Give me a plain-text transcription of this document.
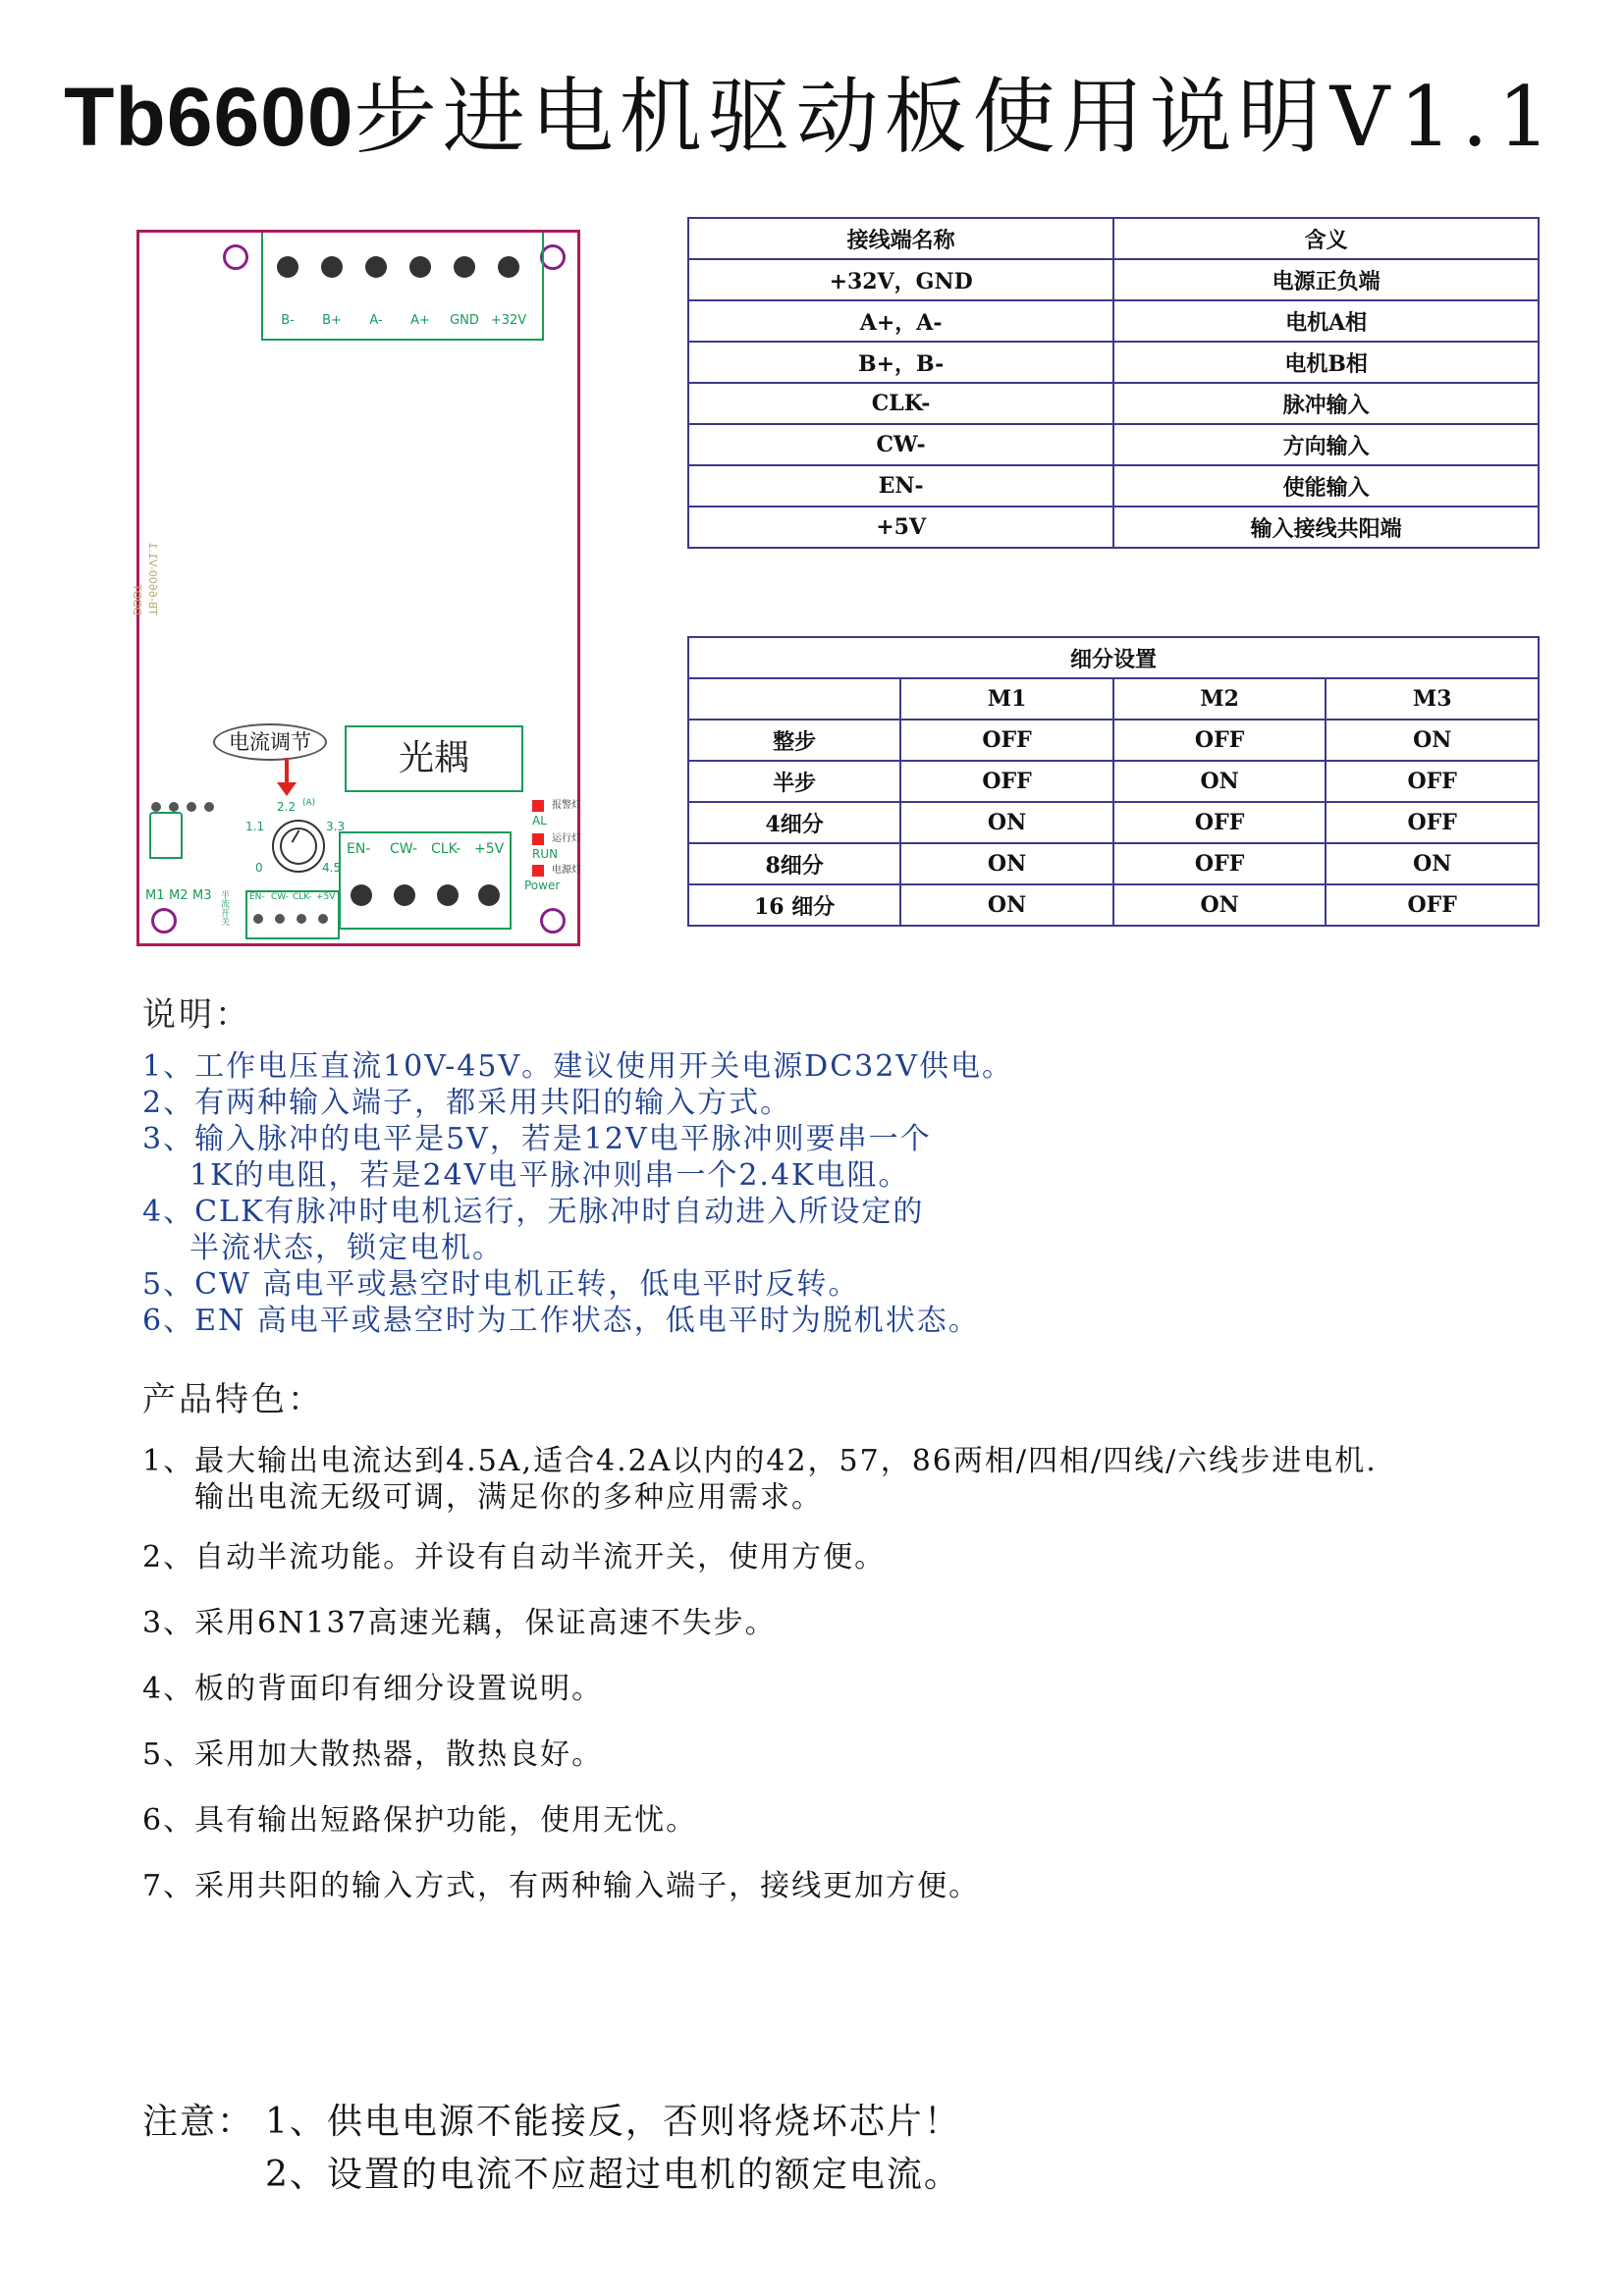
Tb6600步进电机驱动板使用说明V1.1
B-	B+	A-	A+	GND +32V
TB-6600-V1.1
DDDT
电流调节	光耦
M1 M2 M3 半流开关
2.2
1.1	3.3
0	4.5
(A)
EN- CW- CLK- +5V
EN- CW- CLK- +5V
AL
报警灯
RUN
运行灯
Power
电源灯
接线端名称	含义
+32V，GND	电源正负端
A+，A-	电机A相
B+，B-	电机B相
CLK-	脉冲输入
CW-	方向输入
EN-	使能输入
+5V	输入接线共阳端
细分设置			
	M1	M2	M3
整步	OFF	OFF	ON
半步	OFF	ON	OFF
4细分	ON	OFF	OFF
8细分	ON	OFF	ON
16 细分	ON	ON	OFF
说明：
1、工作电压直流10V-45V。建议使用开关电源DC32V供电。
2、有两种输入端子，都采用共阳的输入方式。
3、输入脉冲的电平是5V，若是12V电平脉冲则要串一个
1K的电阻，若是24V电平脉冲则串一个2.4K电阻。
4、CLK有脉冲时电机运行，无脉冲时自动进入所设定的
半流状态，锁定电机。
5、CW 高电平或悬空时电机正转，低电平时反转。
6、EN 高电平或悬空时为工作状态，低电平时为脱机状态。
产品特色：
1、最大输出电流达到4.5A,适合4.2A以内的42，57，86两相/四相/四线/六线步进电机.
输出电流无级可调，满足你的多种应用需求。
2、自动半流功能。并设有自动半流开关，使用方便。
3、采用6N137高速光藕，保证高速不失步。
4、板的背面印有细分设置说明。
5、采用加大散热器，散热良好。
6、具有输出短路保护功能，使用无忧。
7、采用共阳的输入方式，有两种输入端子，接线更加方便。
注意： 1、供电电源不能接反，否则将烧坏芯片！
2、设置的电流不应超过电机的额定电流。
